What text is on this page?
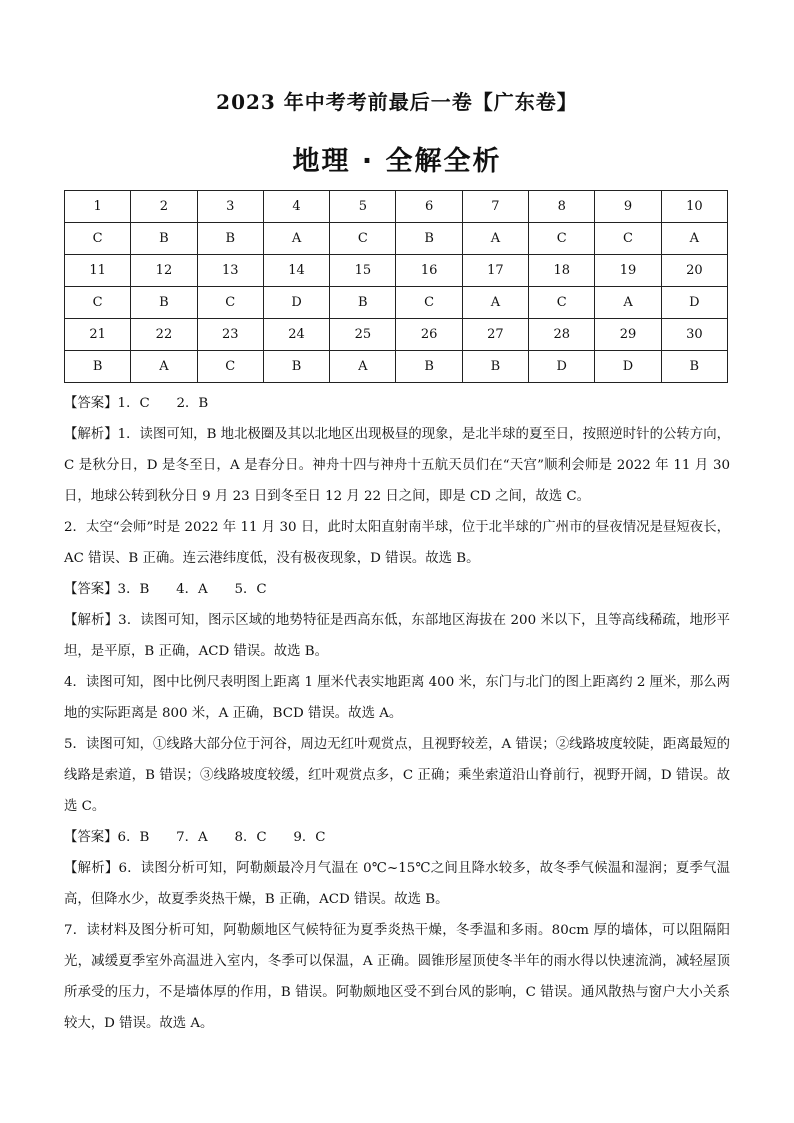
2023 年中考考前最后一卷【广东卷】
地理 · 全解全析
1	2	3	4	5	6	7	8	9	10
C	B	B	A	C	B	A	C	C	A
11	12	13	14	15	16	17	18	19	20
C	B	C	D	B	C	A	C	A	D
21	22	23	24	25	26	27	28	29	30
B	A	C	B	A	B	B	D	D	B

【答案】1．C　　2．B

【解析】1．读图可知，B 地北极圈及其以北地区出现极昼的现象，是北半球的夏至日，按照逆时针的公转方向，C 是秋分日，D 是冬至日，A 是春分日。神舟十四与神舟十五航天员们在“天宫”顺利会师是 2022 年 11 月 30 日，地球公转到秋分日 9 月 23 日到冬至日 12 月 22 日之间，即是 CD 之间，故选 C。

2．太空“会师”时是 2022 年 11 月 30 日，此时太阳直射南半球，位于北半球的广州市的昼夜情况是昼短夜长，AC 错误、B 正确。连云港纬度低，没有极夜现象，D 错误。故选 B。

【答案】3．B　　4．A　　5．C

【解析】3．读图可知，图示区域的地势特征是西高东低，东部地区海拔在 200 米以下，且等高线稀疏，地形平坦，是平原，B 正确，ACD 错误。故选 B。

4．读图可知，图中比例尺表明图上距离 1 厘米代表实地距离 400 米，东门与北门的图上距离约 2 厘米，那么两地的实际距离是 800 米，A 正确，BCD 错误。故选 A。

5．读图可知，①线路大部分位于河谷，周边无红叶观赏点，且视野较差，A 错误；②线路坡度较陡，距离最短的线路是索道，B 错误；③线路坡度较缓，红叶观赏点多，C 正确；乘坐索道沿山脊前行，视野开阔，D 错误。故选 C。

【答案】6．B　　7．A　　8．C　　9．C

【解析】6．读图分析可知，阿勒颇最冷月气温在 0℃~15℃之间且降水较多，故冬季气候温和湿润；夏季气温高，但降水少，故夏季炎热干燥，B 正确，ACD 错误。故选 B。

7．读材料及图分析可知，阿勒颇地区气候特征为夏季炎热干燥，冬季温和多雨。80cm 厚的墙体，可以阻隔阳光，减缓夏季室外高温进入室内，冬季可以保温，A 正确。圆锥形屋顶使冬半年的雨水得以快速流淌，减轻屋顶所承受的压力，不是墙体厚的作用，B 错误。阿勒颇地区受不到台风的影响，C 错误。通风散热与窗户大小关系较大，D 错误。故选 A。
